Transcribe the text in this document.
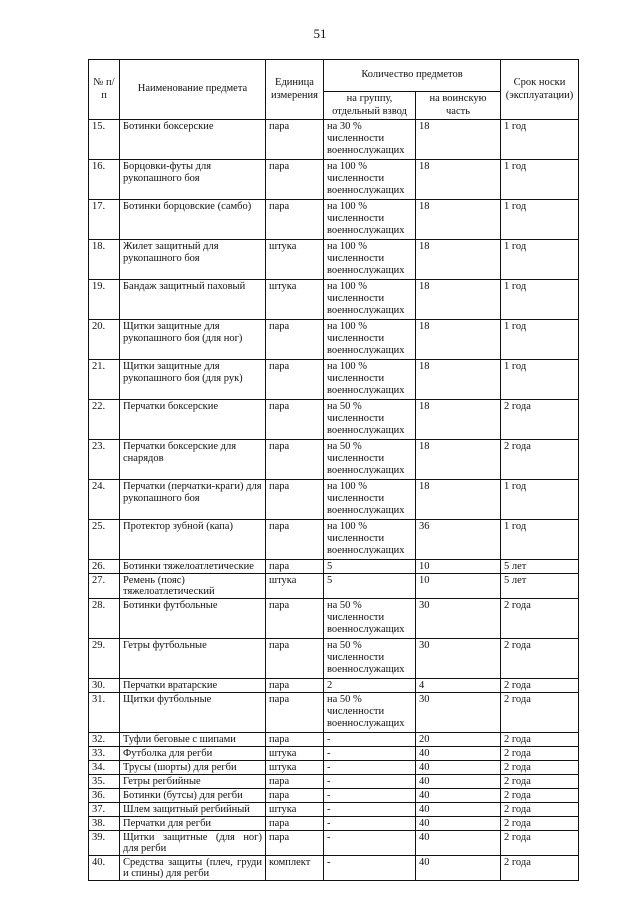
51
№ п/п	Наименование предмета	Единица измерения	Количество предметов		Срок носки (эксплуатации)
			на группу, отдельный взвод	на воинскую часть	
15.	Ботинки боксерские	пара	на 30 % численности военнослужащих	18	1 год
16.	Борцовки-футы для рукопашного боя	пара	на 100 % численности военнослужащих	18	1 год
17.	Ботинки борцовские (самбо)	пара	на 100 % численности военнослужащих	18	1 год
18.	Жилет защитный для рукопашного боя	штука	на 100 % численности военнослужащих	18	1 год
19.	Бандаж защитный паховый	штука	на 100 % численности военнослужащих	18	1 год
20.	Щитки защитные для рукопашного боя (для ног)	пара	на 100 % численности военнослужащих	18	1 год
21.	Щитки защитные для рукопашного боя (для рук)	пара	на 100 % численности военнослужащих	18	1 год
22.	Перчатки боксерские	пара	на 50 % численности военнослужащих	18	2 года
23.	Перчатки боксерские для снарядов	пара	на 50 % численности военнослужащих	18	2 года
24.	Перчатки (перчатки-краги) для рукопашного боя	пара	на 100 % численности военнослужащих	18	1 год
25.	Протектор зубной (капа)	пара	на 100 % численности военнослужащих	36	1 год
26.	Ботинки тяжелоатлетические	пара	5	10	5 лет
27.	Ремень (пояс) тяжелоатлетический	штука	5	10	5 лет
28.	Ботинки футбольные	пара	на 50 % численности военнослужащих	30	2 года
29.	Гетры футбольные	пара	на 50 % численности военнослужащих	30	2 года
30.	Перчатки вратарские	пара	2	4	2 года
31.	Щитки футбольные	пара	на 50 % численности военнослужащих	30	2 года
32.	Туфли беговые с шипами	пара	-	20	2 года
33.	Футболка для регби	штука	-	40	2 года
34.	Трусы (шорты) для регби	штука	-	40	2 года
35.	Гетры регбийные	пара	-	40	2 года
36.	Ботинки (бутсы) для регби	пара	-	40	2 года
37.	Шлем защитный регбийный	штука	-	40	2 года
38.	Перчатки для регби	пара	-	40	2 года
39.	Щитки защитные (для ног) для регби	пара	-	40	2 года
40.	Средства защиты (плеч, груди и спины) для регби	комплект	-	40	2 года
